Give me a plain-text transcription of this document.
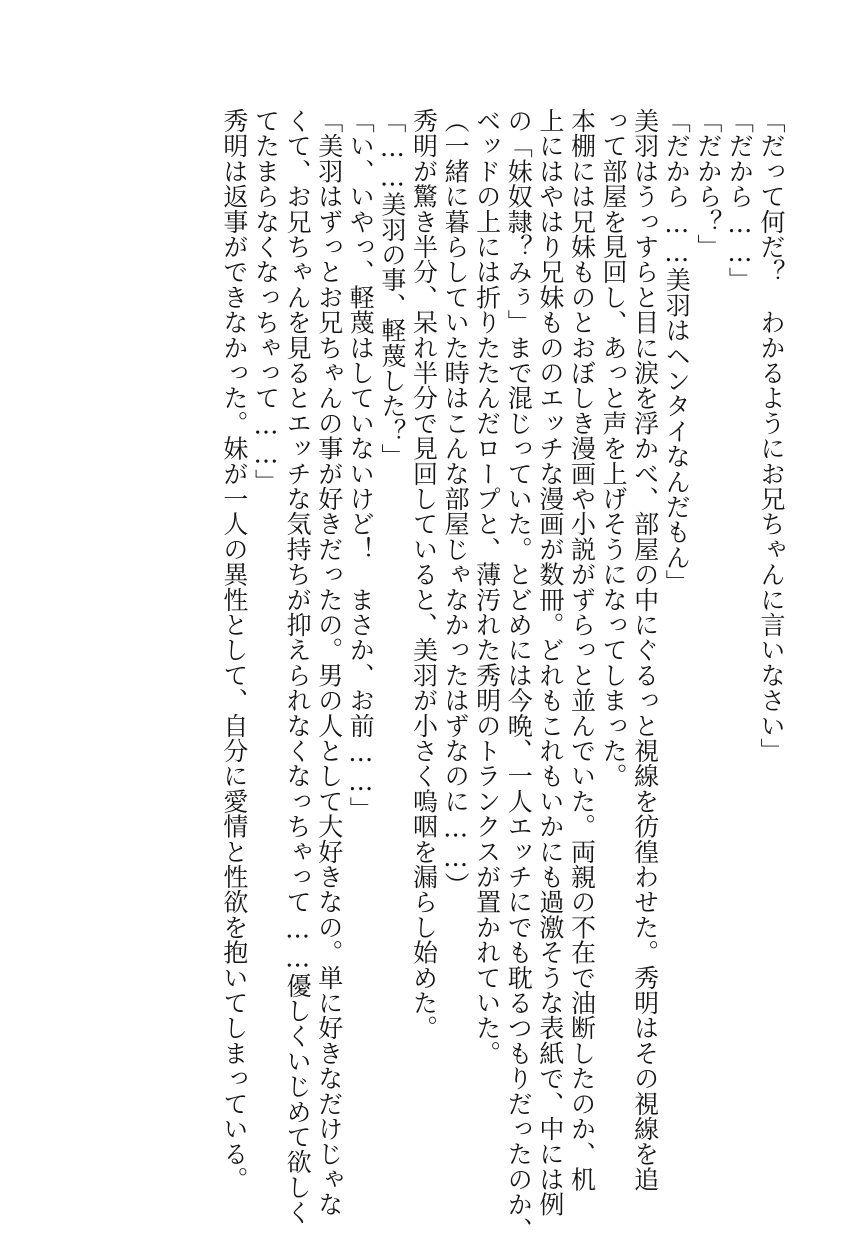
「だって何だ？　わかるようにお兄ちゃんに言いなさい」

「だから……」

「だから？」

「だから……美羽はヘンタイなんだもん」

美羽はうっすらと目に涙を浮かべ、部屋の中にぐるっと視線を彷徨わせた。秀明はその視線を追

って部屋を見回し、あっと声を上げそうになってしまった。

本棚には兄妹ものとおぼしき漫画や小説がずらっと並んでいた。両親の不在で油断したのか、机

上にはやはり兄妹もののエッチな漫画が数冊。どれもこれもいかにも過激そうな表紙で、中には例

の「妹奴隷？みぅ」まで混じっていた。とどめには今晩、一人エッチにでも耽るつもりだったのか、

ベッドの上には折りたたんだロープと、薄汚れた秀明のトランクスが置かれていた。

（一緒に暮らしていた時はこんな部屋じゃなかったはずなのに……）

秀明が驚き半分、呆れ半分で見回していると、美羽が小さく嗚咽を漏らし始めた。

「……美羽の事、軽蔑した？」

「い、いやっ、軽蔑はしていないけど！　まさか、お前……」

「美羽はずっとお兄ちゃんの事が好きだったの。男の人として大好きなの。単に好きなだけじゃな

くて、お兄ちゃんを見るとエッチな気持ちが抑えられなくなっちゃって……優しくいじめて欲しく

てたまらなくなっちゃって……」

秀明は返事ができなかった。妹が一人の異性として、自分に愛情と性欲を抱いてしまっている。
